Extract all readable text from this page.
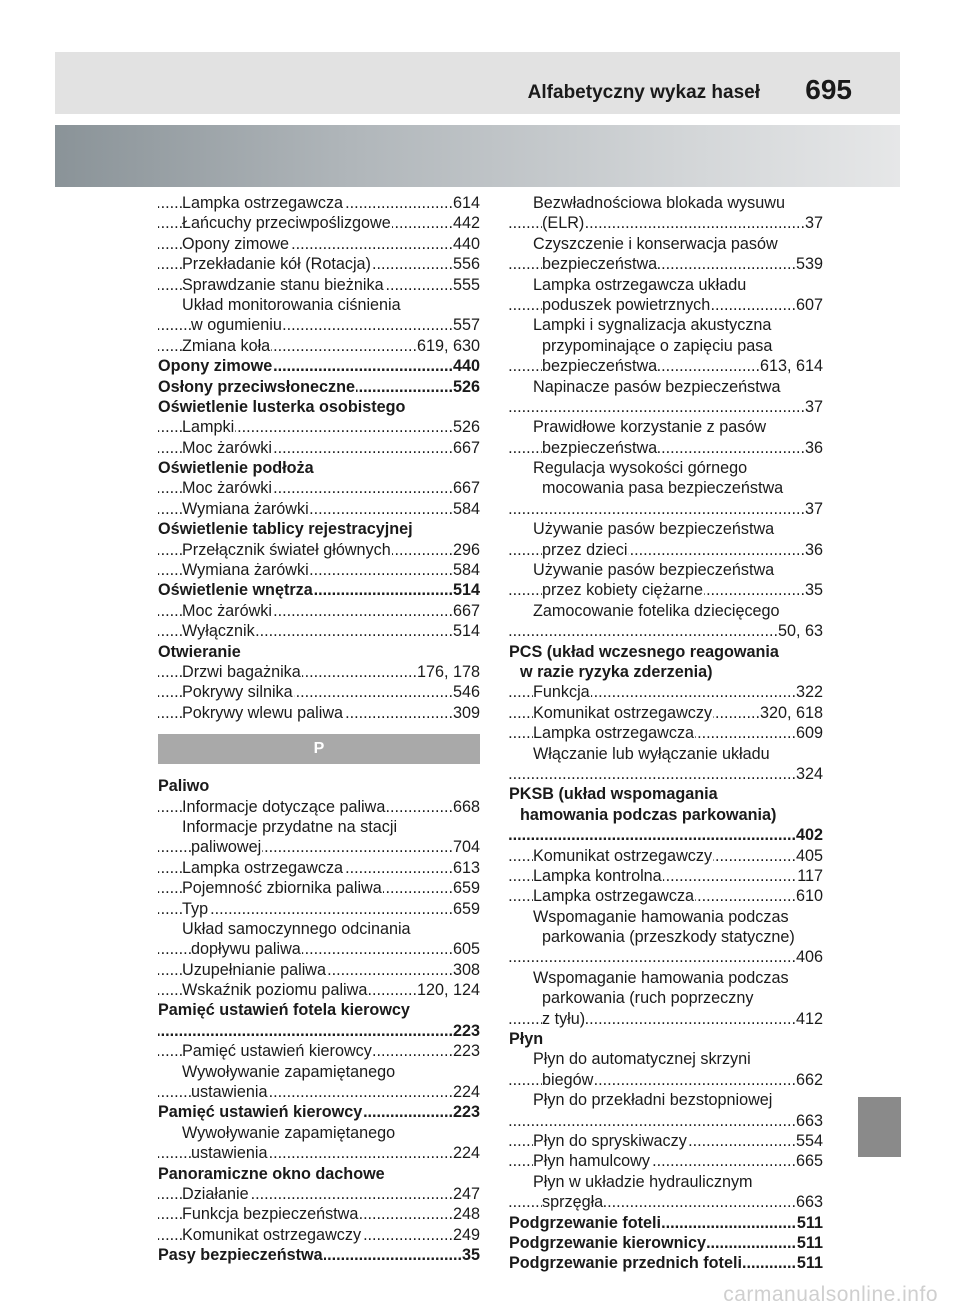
Alfabetyczny wykaz haseł 695
Lampka ostrzegawcza	614
.....
Łańcuchy przeciwpoślizgowe	442
.....
Opony zimowe	440
.....
Przekładanie kół (Rotacja)	556
.....
Sprawdzanie stanu bieżnika	555
.....
Układ monitorowania ciśnienia
w ogumieniu	557
.....
Zmiana koła	619, 630
.....
Opony zimowe	440
.....
Osłony przeciwsłoneczne	526
.....
Oświetlenie lusterka osobistego
Lampki	526
.....
Moc żarówki	667
.....
Oświetlenie podłoża
Moc żarówki	667
.....
Wymiana żarówki	584
.....
Oświetlenie tablicy rejestracyjnej
Przełącznik świateł głównych	296
.....
Wymiana żarówki	584
.....
Oświetlenie wnętrza	514
.....
Moc żarówki	667
.....
Wyłącznik	514
.....
Otwieranie
Drzwi bagażnika	176, 178
.....
Pokrywy silnika	546
.....
Pokrywy wlewu paliwa	309
.....
P
Paliwo
Informacje dotyczące paliwa	668
.....
Informacje przydatne na stacji
paliwowej	704
.....
Lampka ostrzegawcza	613
.....
Pojemność zbiornika paliwa	659
.....
Typ	659
.....
Układ samoczynnego odcinania
dopływu paliwa	605
.....
Uzupełnianie paliwa	308
.....
Wskaźnik poziomu paliwa	120, 124
.....
Pamięć ustawień fotela kierowcy
223
.....
Pamięć ustawień kierowcy	223
.....
Wywoływanie zapamiętanego
ustawienia	224
.....
Pamięć ustawień kierowcy	223
.....
Wywoływanie zapamiętanego
ustawienia	224
.....
Panoramiczne okno dachowe
Działanie	247
.....
Funkcja bezpieczeństwa	248
.....
Komunikat ostrzegawczy	249
.....
Pasy bezpieczeństwa	35
.....
Bezwładnościowa blokada wysuwu
(ELR)	37
.....
Czyszczenie i konserwacja pasów
bezpieczeństwa	539
.....
Lampka ostrzegawcza układu
poduszek powietrznych	607
.....
Lampki i sygnalizacja akustyczna
przypominające o zapięciu pasa
bezpieczeństwa	613, 614
.....
Napinacze pasów bezpieczeństwa
37
.....
Prawidłowe korzystanie z pasów
bezpieczeństwa	36
.....
Regulacja wysokości górnego
mocowania pasa bezpieczeństwa
37
.....
Używanie pasów bezpieczeństwa
przez dzieci	36
.....
Używanie pasów bezpieczeństwa
przez kobiety ciężarne	35
.....
Zamocowanie fotelika dziecięcego
50, 63
.....
PCS (układ wczesnego reagowania
w razie ryzyka zderzenia)
Funkcja	322
.....
Komunikat ostrzegawczy	320, 618
.....
Lampka ostrzegawcza	609
.....
Włączanie lub wyłączanie układu
324
.....
PKSB (układ wspomagania
hamowania podczas parkowania)
402
.....
Komunikat ostrzegawczy	405
.....
Lampka kontrolna	117
.....
Lampka ostrzegawcza	610
.....
Wspomaganie hamowania podczas
parkowania (przeszkody statyczne)
406
.....
Wspomaganie hamowania podczas
parkowania (ruch poprzeczny
z tyłu)	412
.....
Płyn
Płyn do automatycznej skrzyni
biegów	662
.....
Płyn do przekładni bezstopniowej
663
.....
Płyn do spryskiwaczy	554
.....
Płyn hamulcowy	665
.....
Płyn w układzie hydraulicznym
sprzęgła	663
.....
Podgrzewanie foteli	511
.....
Podgrzewanie kierownicy	511
.....
Podgrzewanie przednich foteli	511
.....
carmanualsonline.info
